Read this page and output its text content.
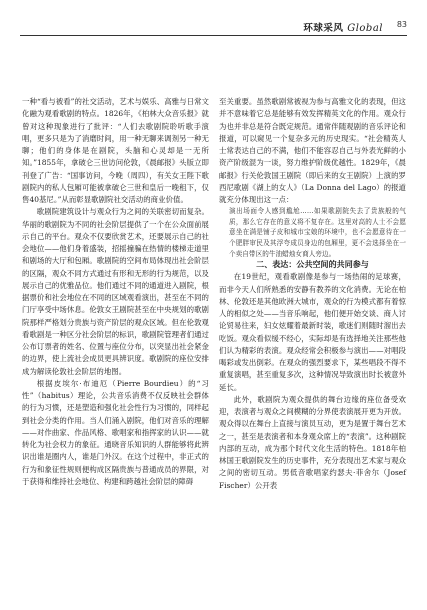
环球采风 Global 83

一种“看与被看”的社交活动，艺术与娱乐、高雅与日常文化融为观看歌剧的特点。1826年，《柏林大众音乐报》就曾对这种现象进行了批评：“人们去歌剧院聆听歌手演唱，更多只是为了消磨时间，用一种无聊来调剂另一种无聊；他们的身体是在剧院，头脑和心灵却是一无所知。”1855年，拿破仑三世访问伦敦，《晨邮报》头版立即刊登了广告：“国事访问，今晚（周四），有关女王陛下歌剧院内的私人包厢可能被拿破仑三世和皇后一晚租下，仅售40基尼。”从而彰显歌剧院社交活动的商业价值。

歌剧院建筑设计与观众行为之间的关联密切而复杂。华丽的歌剧院为不同的社会阶层提供了一个在公众面前展示自己的平台。观众不仅要欣赏艺术，还要展示自己的社会地位——他们身着盛装，招摇撞骗在热情的楼梯走道里和剧场的大厅和包厢。歌剧院的空间布局体现出社会阶层的区隔，观众不同方式通过有形和无形的行为规范，以及展示自己的优雅品位。他们通过不同的通道进入剧院，根据票价和社会地位在不同的区域观看演出，甚至在不同的门厅享受中场休息。伦敦女王剧院甚至在中央规划的歌剧院那样严格划分贵族与资产阶层的观众区域。但在伦敦观看歌剧是一种区分社会阶层的标识，歌剧院管理者们通过公布订票者的姓名、位置与座位分布，以突显出社会紧金的边界，使上流社会成员更具辨识度。歌剧院的座位安排成为解读伦敦社会阶层的地图。

根据皮埃尔·布迪厄（Pierre Bourdieu）的“习性”（habitus）理论，公共音乐消费不仅反映社会群体的行为习惯，还是塑造和强化社会性行为习惯的，同样起到社会分类的作用。当人们涌入剧院，他们对音乐的理解——对作曲家、作品风格、歌唱家和指挥家的认识——就转化为社会权力的象征。通晓音乐知识的人群能够将此辨识出谁是圈内人，谁是门外汉。在这个过程中，非正式的行为和象征性规则便构成区隔贵族与普通成员的界限，对于获得和维持社会地位、构建和跨越社会阶层的障碍

至关重要。虽然歌剧常被视为参与高雅文化的表现，但这并不意味着它总是能够有效发挥精英文化的作用。观众行为也并非总是符合既定规范。通常伴随观剧的音乐评论和报道，可以窥见一个复杂多元的历史现实。“社会精英人士常表达自己的不满，他们不能容忍自己与外表光鲜的小资产阶级混为一谈，努力维护阶级优越性。1829年，《晨邮报》行关伦敦国王剧院（即后来的女王剧院）上演的罗西尼歌剧《湖上的女人》（La Donna del Lago）的报道就充分体现出这一点：

演出场面令人感到尴尬……如果歌剧院失去了贵族般的气质，那么它存在的意义将不复存在。这里对高的人士不会愿意坐在满是铺子皮和城市宝娘的环境中，也不会愿意待在一个肥胖审民及其浮夸成员身边的包厢里，更不会选择坐在一个卖自带区的牛油蜡烛女商人旁边。

二、表达：公共空间的共同参与

在19世纪，观看歌剧像是参与一场热闹的足球赛，而非今天人们所熟悉的安静有教养的文化消费。无论在柏林、伦敦还是其他欧洲大城市，观众的行为模式都有着惊人的相似之处——当音乐响起，他们便开始交谈、商人讨论贸易往来，妇女炫耀着最新时装，歌迷们则随时溜出去吃饭。观众看似缓不经心，实际却是有选择地关注那些他们认为精彩的表演。观众经常会积极参与演出——对唱段喝彩或发出倒彩。在观众的强烈要求下，某些唱段不得不重复演唱，甚至重复多次，这种情况导致演出时长被意外延长。

此外，歌剧院为观众提供的舞台边缘的座位备受欢迎，表演者与观众之间模糊的分界使表演展开更为开放。观众得以在舞台上直接与演员互动，更为是置于舞台艺术之一，甚至是表演者和本身观众席上的“表演”。这种剧院内部的互动，成为那个时代文化生活的特色。1818年柏林国王歌剧院发生的历史事件，充分表现出艺术家与观众之间的密切互动。男低音歌唱家约瑟夫·菲舍尔（Josef Fischer）公开表
